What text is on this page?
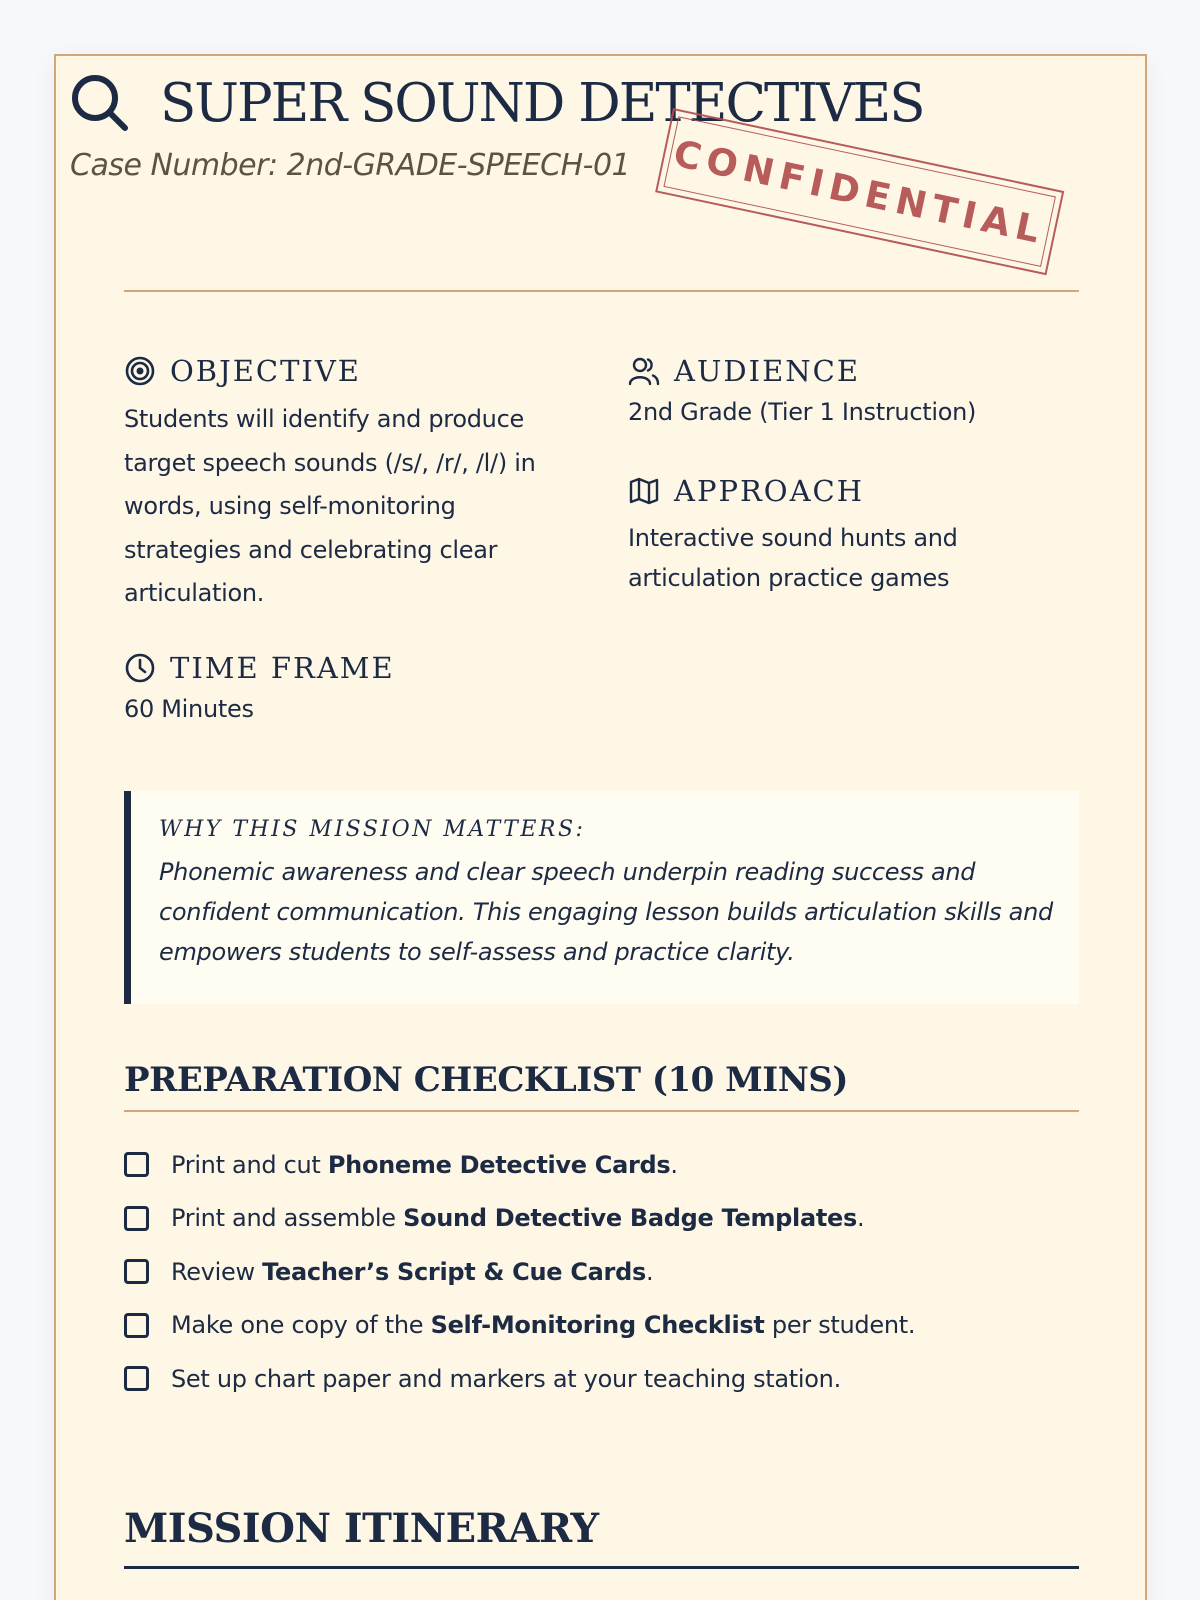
SUPER SOUND DETECTIVES
Case Number: 2nd-GRADE-SPEECH-01	CONFIDENTIAL
OBJECTIVE
Students will identify and produce target speech sounds (/s/, /r/, /l/) in words, using self-monitoring strategies and celebrating clear articulation.
AUDIENCE
2nd Grade (Tier 1 Instruction)
APPROACH
Interactive sound hunts and articulation practice games
TIME FRAME
60 Minutes
WHY THIS MISSION MATTERS:
Phonemic awareness and clear speech underpin reading success and confident communication. This engaging lesson builds articulation skills and empowers students to self-assess and practice clarity.
PREPARATION CHECKLIST (10 MINS)
Print and cut Phoneme Detective Cards.
Print and assemble Sound Detective Badge Templates.
Review Teacher’s Script & Cue Cards.
Make one copy of the Self-Monitoring Checklist per student.
Set up chart paper and markers at your teaching station.
MISSION ITINERARY
